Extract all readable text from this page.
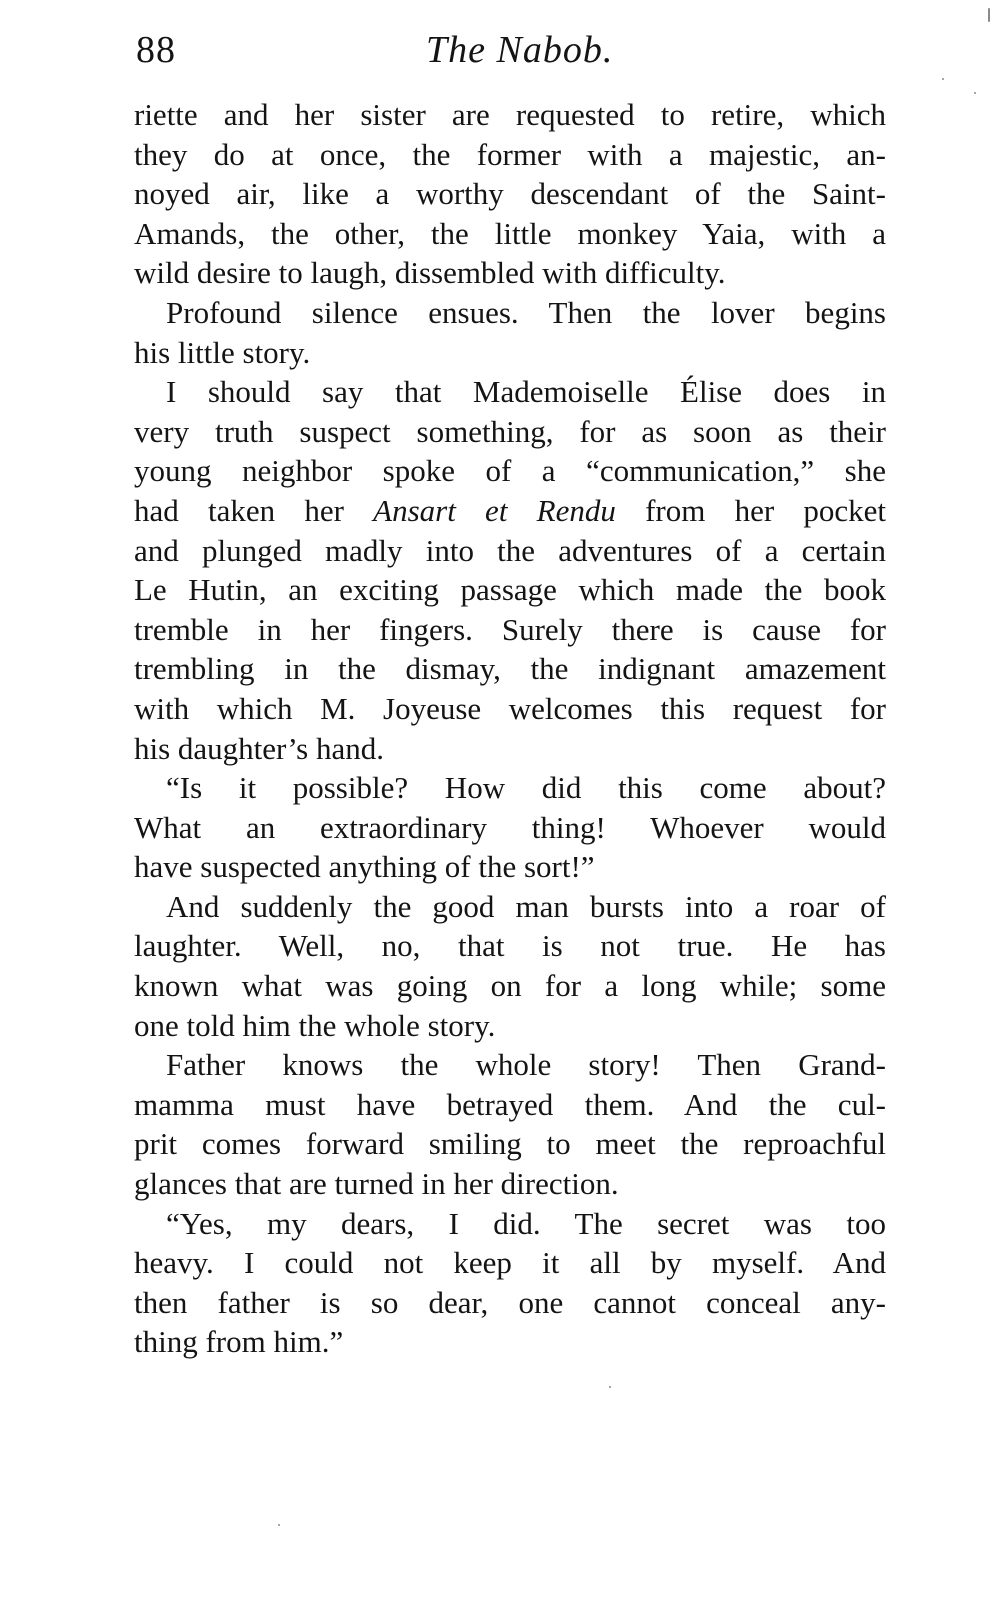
88	The Nabob.
riette and her sister are requested to retire, which
they do at once, the former with a majestic, an-
noyed air, like a worthy descendant of the Saint-
Amands, the other, the little monkey Yaia, with a
wild desire to laugh, dissembled with difficulty.
Profound silence ensues. Then the lover begins
his little story.
I should say that Mademoiselle Élise does in
very truth suspect something, for as soon as their
young neighbor spoke of a “communication,” she
had taken her Ansart et Rendu from her pocket
and plunged madly into the adventures of a certain
Le Hutin, an exciting passage which made the book
tremble in her fingers. Surely there is cause for
trembling in the dismay, the indignant amazement
with which M. Joyeuse welcomes this request for
his daughter’s hand.
“Is it possible? How did this come about?
What an extraordinary thing! Whoever would
have suspected anything of the sort!”
And suddenly the good man bursts into a roar of
laughter. Well, no, that is not true. He has
known what was going on for a long while; some
one told him the whole story.
Father knows the whole story! Then Grand-
mamma must have betrayed them. And the cul-
prit comes forward smiling to meet the reproachful
glances that are turned in her direction.
“Yes, my dears, I did. The secret was too
heavy. I could not keep it all by myself. And
then father is so dear, one cannot conceal any-
thing from him.”
